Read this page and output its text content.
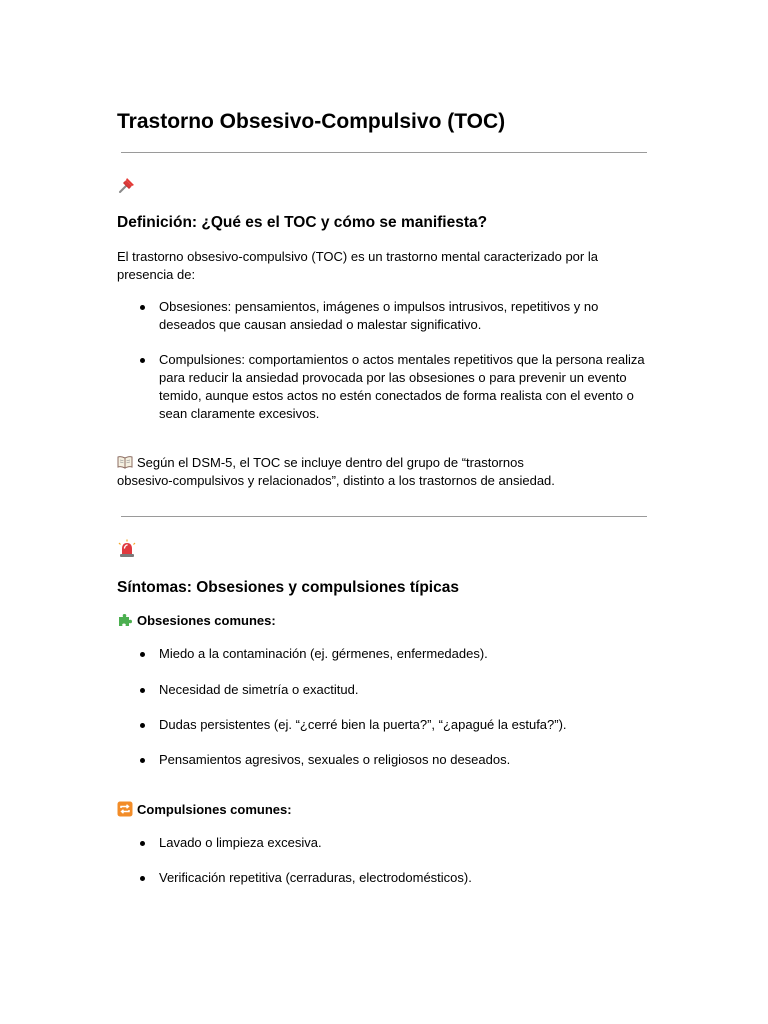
Trastorno Obsesivo-Compulsivo (TOC)
Definición: ¿Qué es el TOC y cómo se manifiesta?

El trastorno obsesivo-compulsivo (TOC) es un trastorno mental caracterizado por la
presencia de:

Obsesiones: pensamientos, imágenes o impulsos intrusivos, repetitivos y no
deseados que causan ansiedad o malestar significativo.
Compulsiones: comportamientos o actos mentales repetitivos que la persona realiza
para reducir la ansiedad provocada por las obsesiones o para prevenir un evento
temido, aunque estos actos no estén conectados de forma realista con el evento o
sean claramente excesivos.

Según el DSM-5, el TOC se incluye dentro del grupo de “trastornos
obsesivo-compulsivos y relacionados”, distinto a los trastornos de ansiedad.

Síntomas: Obsesiones y compulsiones típicas
Obsesiones comunes:
Miedo a la contaminación (ej. gérmenes, enfermedades).
Necesidad de simetría o exactitud.
Dudas persistentes (ej. “¿cerré bien la puerta?”, “¿apagué la estufa?”).
Pensamientos agresivos, sexuales o religiosos no deseados.
Compulsiones comunes:
Lavado o limpieza excesiva.
Verificación repetitiva (cerraduras, electrodomésticos).
